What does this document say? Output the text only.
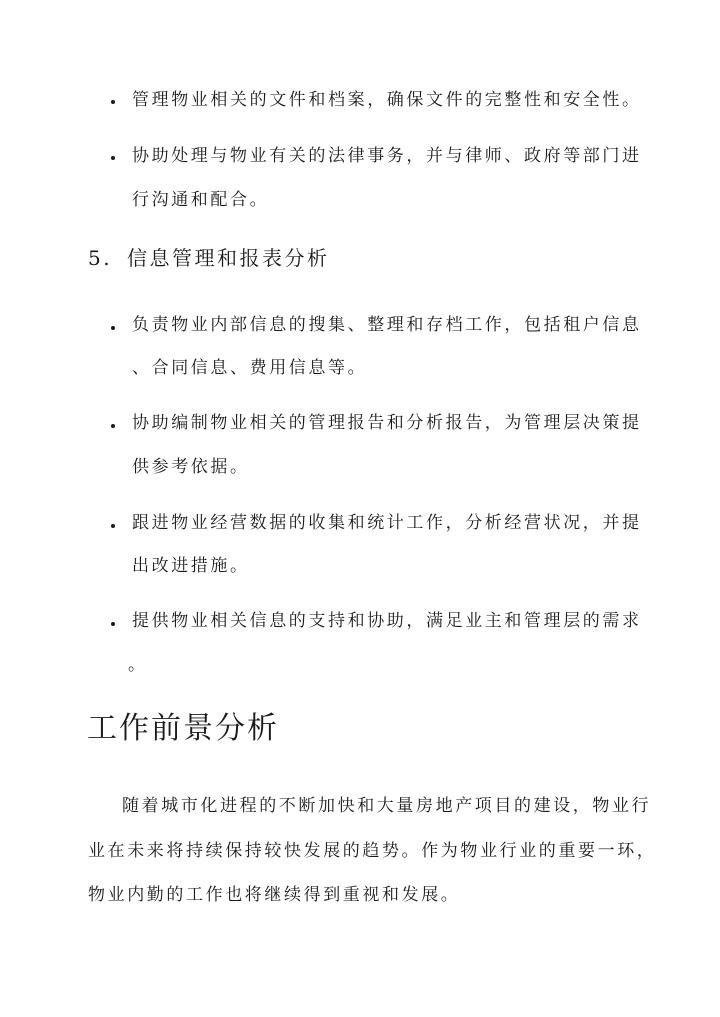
管理物业相关的文件和档案，确保文件的完整性和安全性。
协助处理与物业有关的法律事务，并与律师、政府等部门进
行沟通和配合。
5. 信息管理和报表分析
负责物业内部信息的搜集、整理和存档工作，包括租户信息
、合同信息、费用信息等。
协助编制物业相关的管理报告和分析报告，为管理层决策提
供参考依据。
跟进物业经营数据的收集和统计工作，分析经营状况，并提
出改进措施。
提供物业相关信息的支持和协助，满足业主和管理层的需求
。
工作前景分析
随着城市化进程的不断加快和大量房地产项目的建设，物业行
业在未来将持续保持较快发展的趋势。作为物业行业的重要一环，
物业内勤的工作也将继续得到重视和发展。
